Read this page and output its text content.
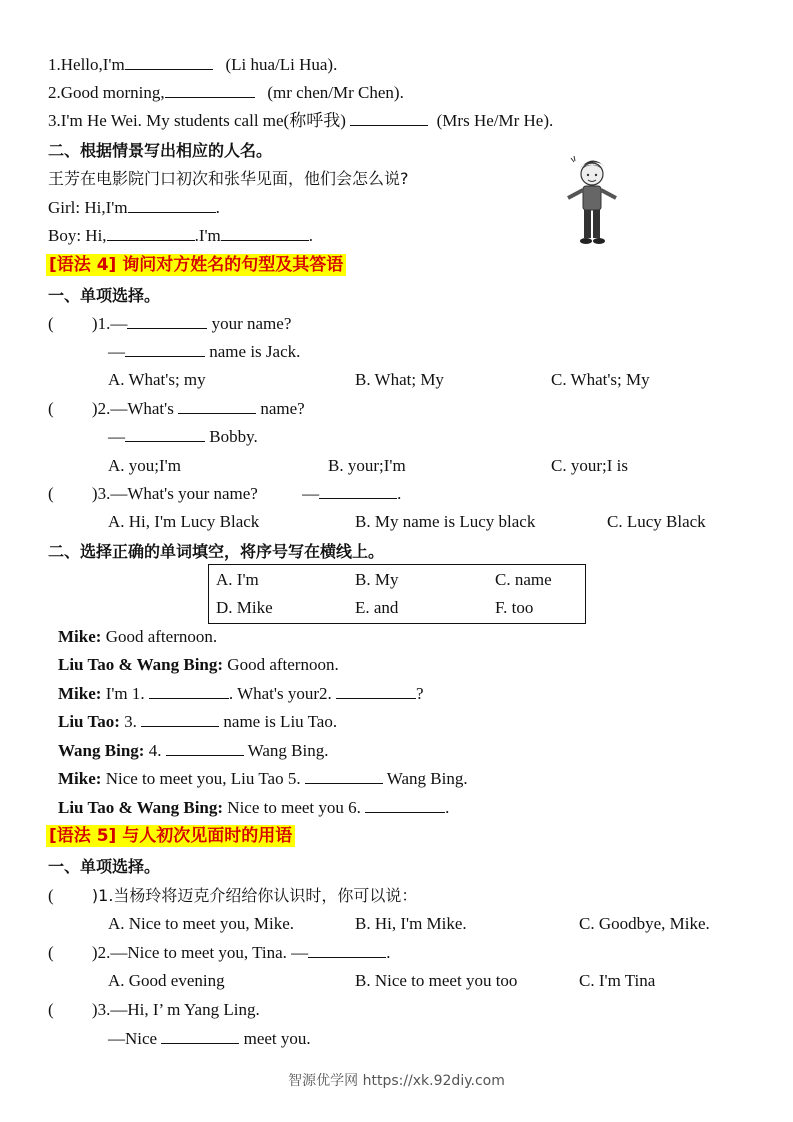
1.Hello,I'm	(Li hua/Li Hua).
2.Good morning,	(mr chen/Mr Chen).
3.I'm He Wei. My students call me(称呼我)	(Mrs He/Mr He).
二、根据情景写出相应的人名。
王芳在电影院门口初次和张华见面，他们会怎么说?
Girl: Hi,I'm	.
Boy: Hi,	.I'm	.
[语法 4] 询问对方姓名的句型及其答语
一、单项选择。
( )1.—	your name?
—	name is Jack.
A. What's; my	B. What; My	C. What's; My
( )2.—What's	name?
—	Bobby.
A. you;I'm	B. your;I'm	C. your;I is
( )3.—What's your name?	—	.
A. Hi, I'm Lucy Black	B. My name is Lucy black	C. Lucy Black
二、选择正确的单词填空，将序号写在横线上。
A. I'm	B. My	C. name
D. Mike	E. and	F. too
Mike: Good afternoon.
Liu Tao & Wang Bing: Good afternoon.
Mike: I'm 1.	. What's your2.	?
Liu Tao: 3.	name is Liu Tao.
Wang Bing: 4.	Wang Bing.
Mike: Nice to meet you, Liu Tao 5.	Wang Bing.
Liu Tao & Wang Bing: Nice to meet you 6.	.
[语法 5] 与人初次见面时的用语
一、单项选择。
( )1.当杨玲将迈克介绍给你认识时，你可以说：
A. Nice to meet you, Mike.	B. Hi, I'm Mike.	C. Goodbye, Mike.
( )2.—Nice to meet you, Tina. —	.
A. Good evening	B. Nice to meet you too	C. I'm Tina
( )3.—Hi, I’ m Yang Ling.
—Nice	meet you.
智源优学网 https://xk.92diy.com
